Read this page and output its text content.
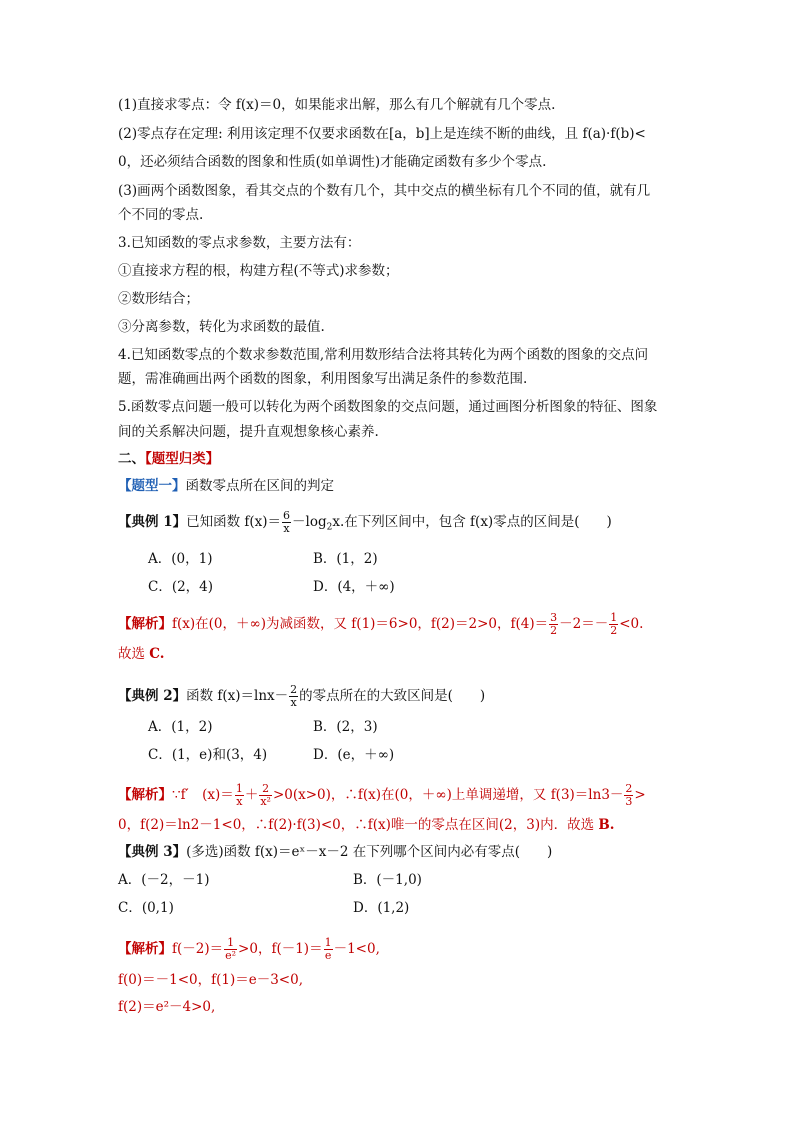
(1)直接求零点：令 f(x)＝0，如果能求出解，那么有几个解就有几个零点.
(2)零点存在定理: 利用该定理不仅要求函数在[a，b]上是连续不断的曲线，且 f(a)·f(b)<
0，还必须结合函数的图象和性质(如单调性)才能确定函数有多少个零点.
(3)画两个函数图象，看其交点的个数有几个，其中交点的横坐标有几个不同的值，就有几
个不同的零点.
3.已知函数的零点求参数，主要方法有：
①直接求方程的根，构建方程(不等式)求参数；
②数形结合；
③分离参数，转化为求函数的最值.
4.已知函数零点的个数求参数范围,常利用数形结合法将其转化为两个函数的图象的交点问
题，需准确画出两个函数的图象，利用图象写出满足条件的参数范围.
5.函数零点问题一般可以转化为两个函数图象的交点问题，通过画图分析图象的特征、图象
间的关系解决问题，提升直观想象核心素养.
二、【题型归类】
【题型一】函数零点所在区间的判定
【典例 1】已知函数 $f(x)= \frac{6}{x} -\log_2x$.在下列区间中，包含 f(x)零点的区间是(　　)
A．(0，1)	B．(1，2)
C．(2，4)	D．(4，＋∞)
【解析】f(x)在(0，＋∞)为减函数，又 f(1)＝6>0，f(2)＝2>0，$f(4)= \frac{3}{2} -2=- \frac{1}{2} <0$.
故选 C.
【典例 2】函数 $f(x)=\ln x- \frac{2}{x}$ 的零点所在的大致区间是(　　)
A．(1，2)	B．(2，3)
C．(1，e)和(3，4)	D．(e，＋∞)
【解析】∵f′　$(x)= \frac{1}{x} + \frac{2}{\text{x²}} >0(x>0)$，∴f(x)在(0，＋∞)上单调递增，又 $f(3)=\ln 3- \frac{2}{3}$ >
0，f(2)＝ln2－1<0，∴f(2)·f(3)<0，∴f(x)唯一的零点在区间(2，3)内．故选 B.
【典例 3】(多选)函数 f(x)＝eˣ－x－2 在下列哪个区间内必有零点(　　)
A．(－2，－1)	B．(－1,0)
C．(0,1)	D．(1,2)
【解析】$f(-2)= \frac{1}{\text{e²}} >0$，$f(-1)= \frac{1}{e} -1<0$,
f(0)＝－1<0，f(1)＝e－3<0,
f(2)＝e²－4>0,
